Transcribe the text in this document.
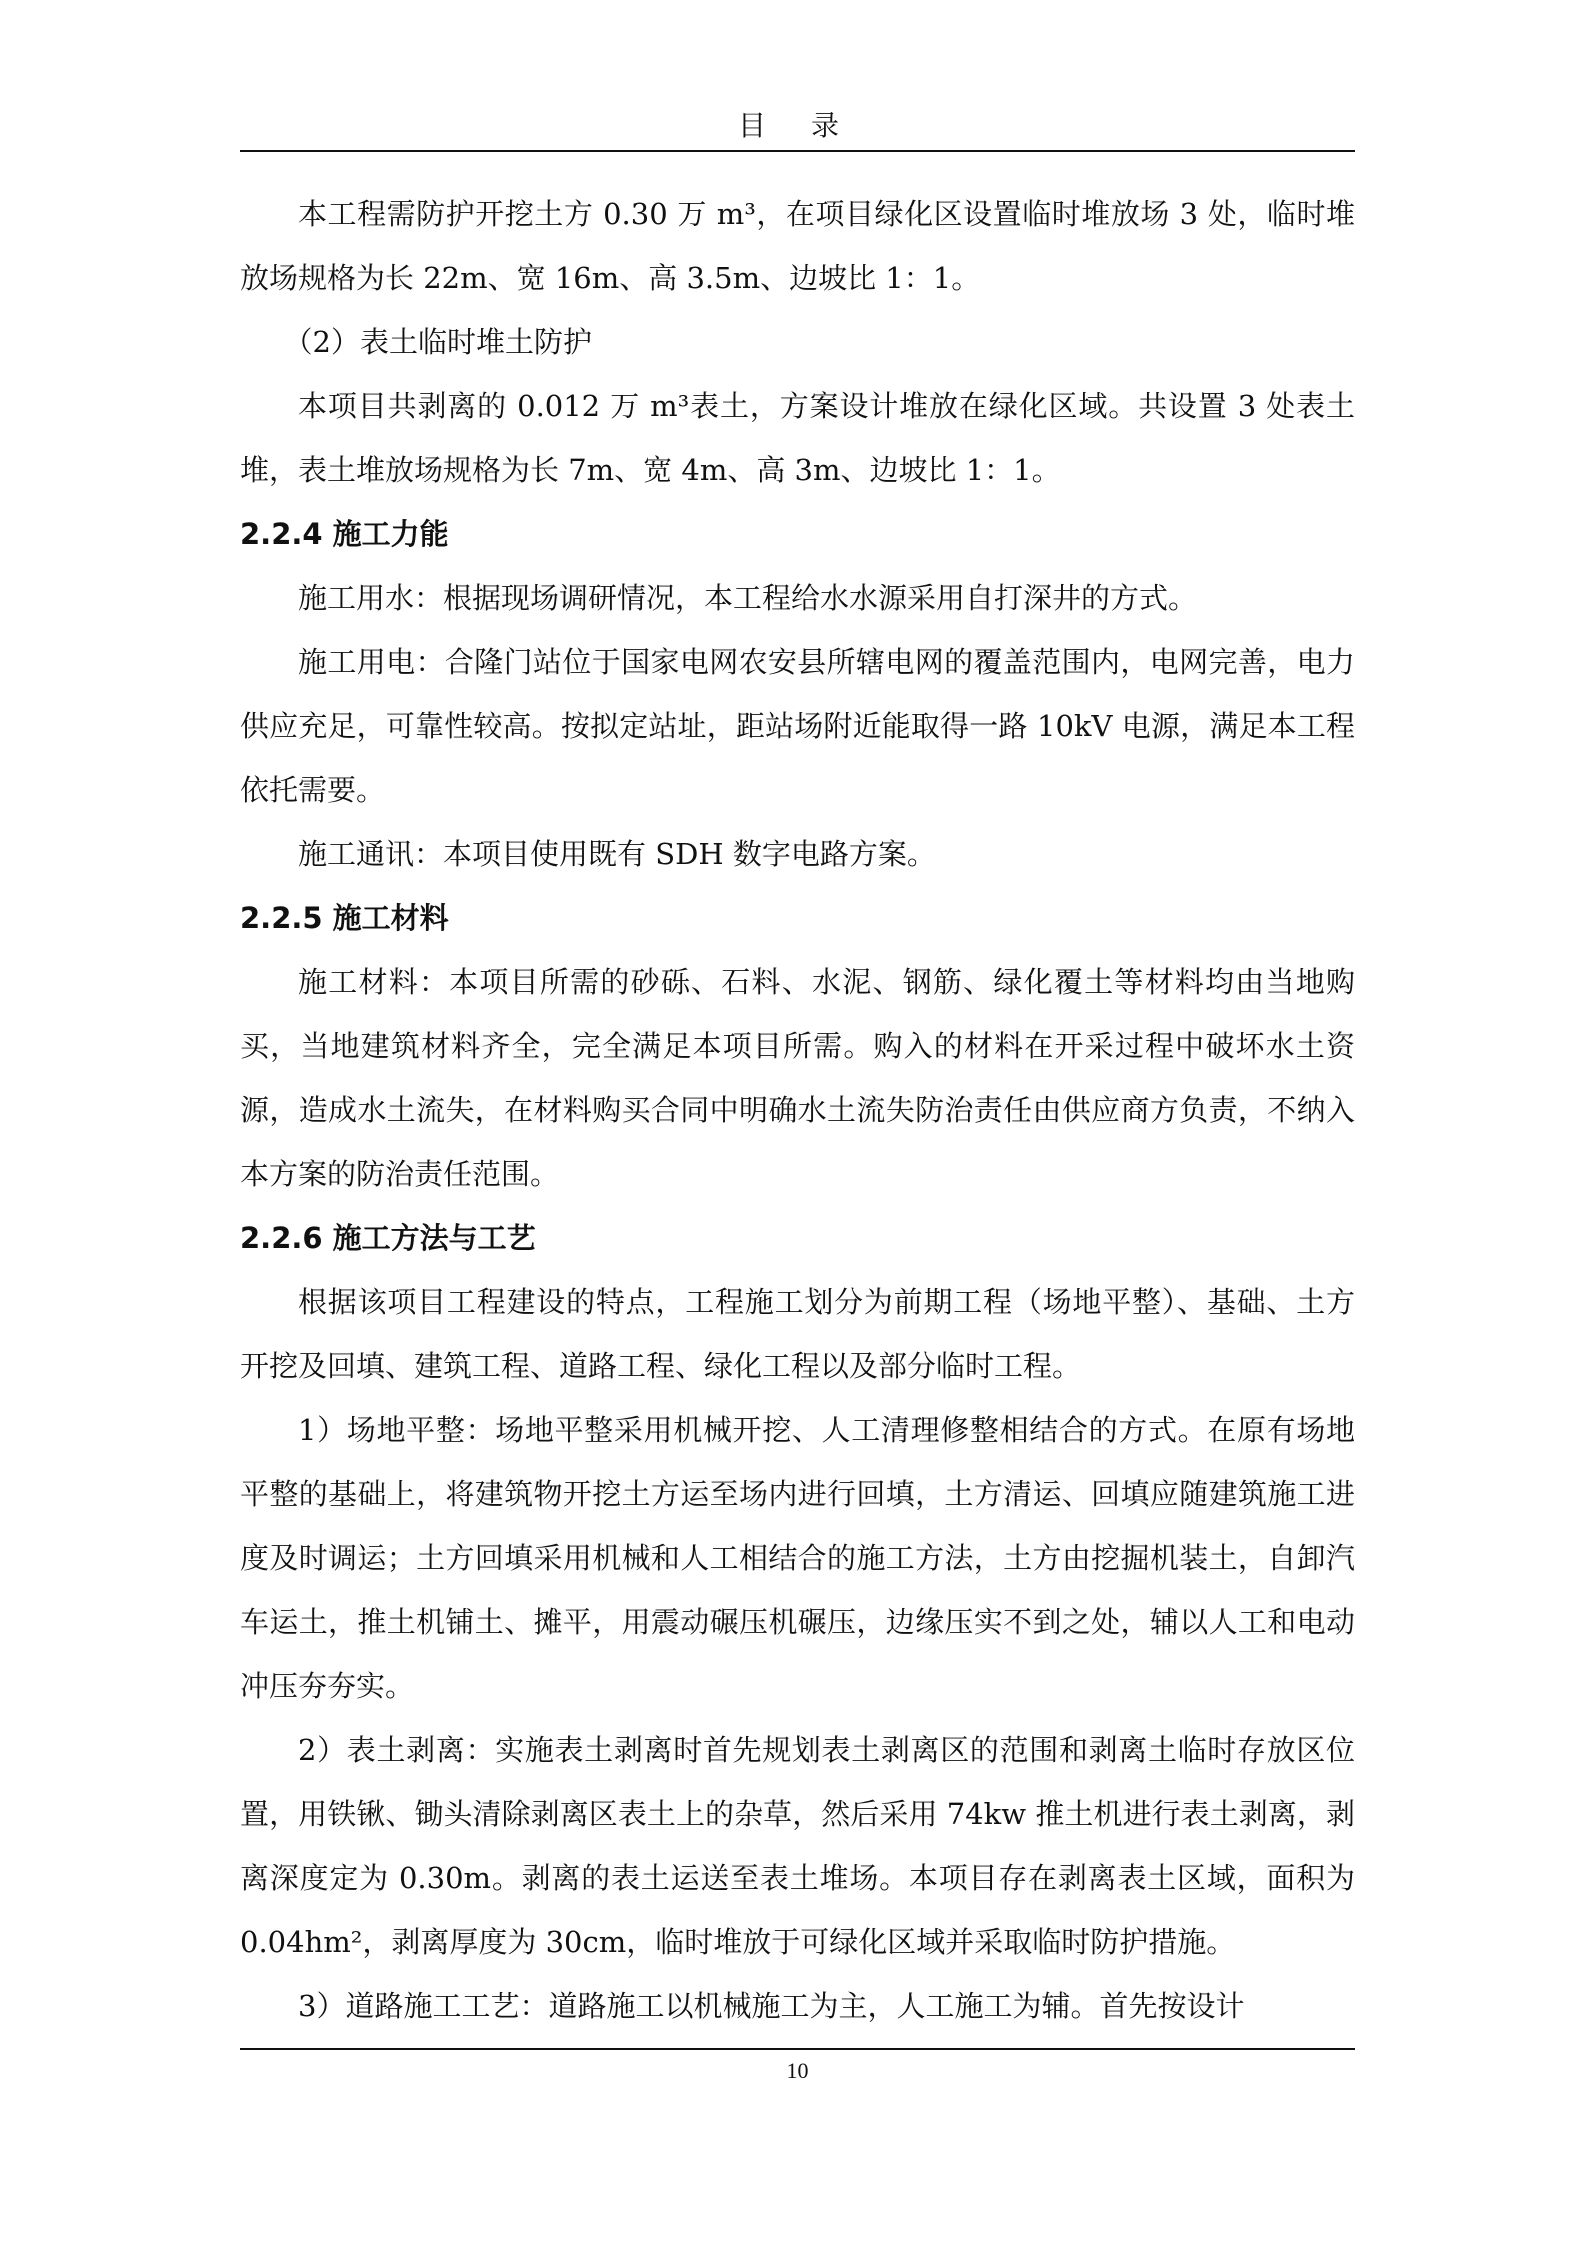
目 录

本工程需防护开挖土方 0.30 万 m³，在项目绿化区设置临时堆放场 3 处，临时堆放场规格为长 22m、宽 16m、高 3.5m、边坡比 1：1。

（2）表土临时堆土防护

本项目共剥离的 0.012 万 m³表土，方案设计堆放在绿化区域。共设置 3 处表土堆，表土堆放场规格为长 7m、宽 4m、高 3m、边坡比 1：1。

2.2.4 施工力能

施工用水：根据现场调研情况，本工程给水水源采用自打深井的方式。

施工用电：合隆门站位于国家电网农安县所辖电网的覆盖范围内，电网完善，电力供应充足，可靠性较高。按拟定站址，距站场附近能取得一路 10kV 电源，满足本工程依托需要。

施工通讯：本项目使用既有 SDH 数字电路方案。

2.2.5 施工材料

施工材料：本项目所需的砂砾、石料、水泥、钢筋、绿化覆土等材料均由当地购买，当地建筑材料齐全，完全满足本项目所需。购入的材料在开采过程中破坏水土资源，造成水土流失，在材料购买合同中明确水土流失防治责任由供应商方负责，不纳入本方案的防治责任范围。

2.2.6 施工方法与工艺

根据该项目工程建设的特点，工程施工划分为前期工程（场地平整）、基础、土方开挖及回填、建筑工程、道路工程、绿化工程以及部分临时工程。

1）场地平整：场地平整采用机械开挖、人工清理修整相结合的方式。在原有场地平整的基础上，将建筑物开挖土方运至场内进行回填，土方清运、回填应随建筑施工进度及时调运；土方回填采用机械和人工相结合的施工方法，土方由挖掘机装土，自卸汽车运土，推土机铺土、摊平，用震动碾压机碾压，边缘压实不到之处，辅以人工和电动冲压夯夯实。

2）表土剥离：实施表土剥离时首先规划表土剥离区的范围和剥离土临时存放区位置，用铁锹、锄头清除剥离区表土上的杂草，然后采用 74kw 推土机进行表土剥离，剥离深度定为 0.30m。剥离的表土运送至表土堆场。本项目存在剥离表土区域，面积为 0.04hm²，剥离厚度为 30cm，临时堆放于可绿化区域并采取临时防护措施。

3）道路施工工艺：道路施工以机械施工为主，人工施工为辅。首先按设计

10
